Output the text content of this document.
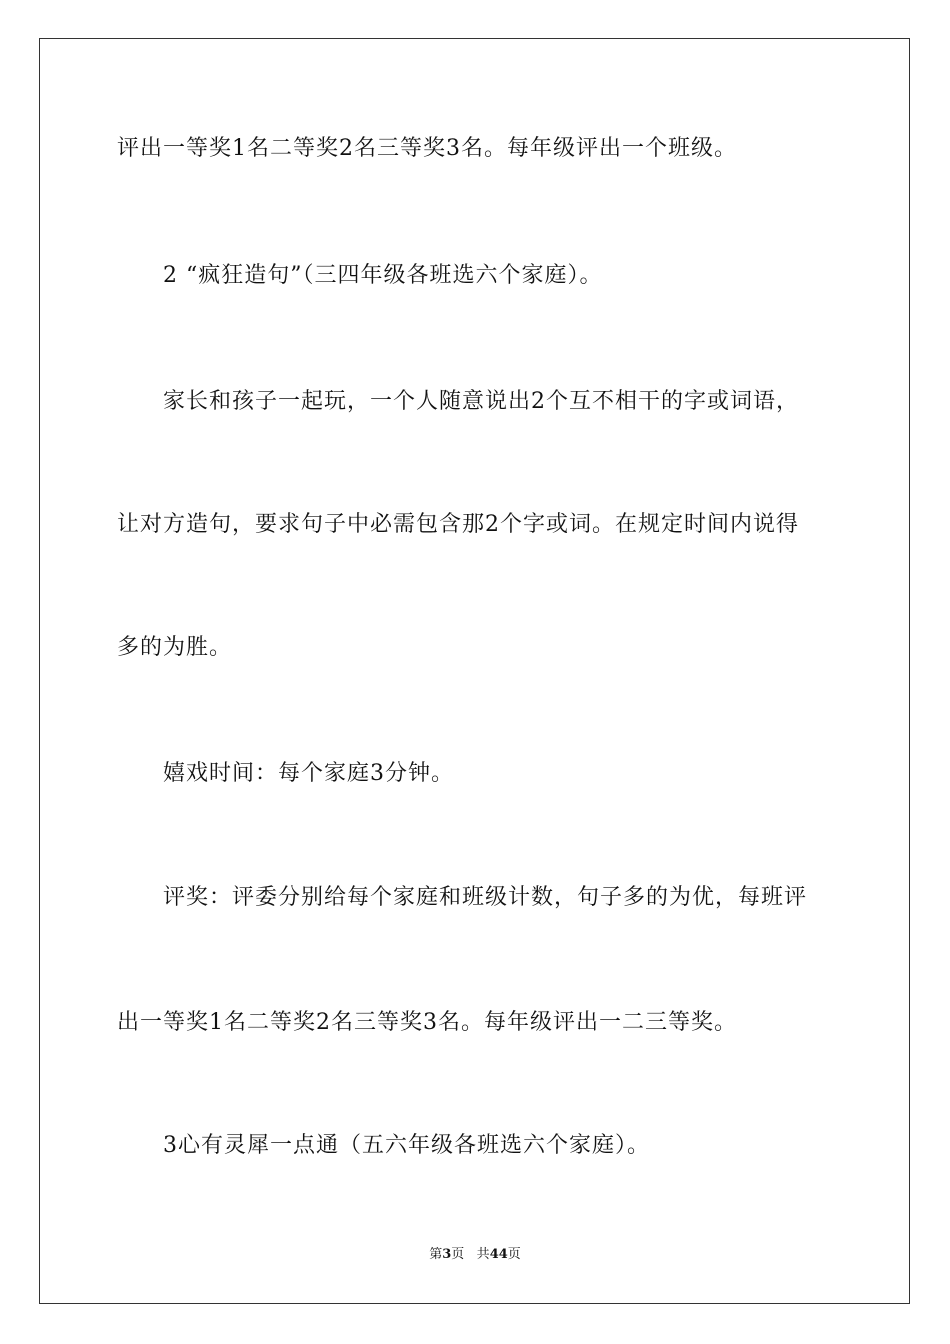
评出一等奖1名二等奖2名三等奖3名。每年级评出一个班级。
2 “疯狂造句”（三四年级各班选六个家庭）。
家长和孩子一起玩，一个人随意说出2个互不相干的字或词语，
让对方造句，要求句子中必需包含那2个字或词。在规定时间内说得
多的为胜。
嬉戏时间：每个家庭3分钟。
评奖：评委分别给每个家庭和班级计数，句子多的为优，每班评
出一等奖1名二等奖2名三等奖3名。每年级评出一二三等奖。
3心有灵犀一点通（五六年级各班选六个家庭）。
第3页 共44页
